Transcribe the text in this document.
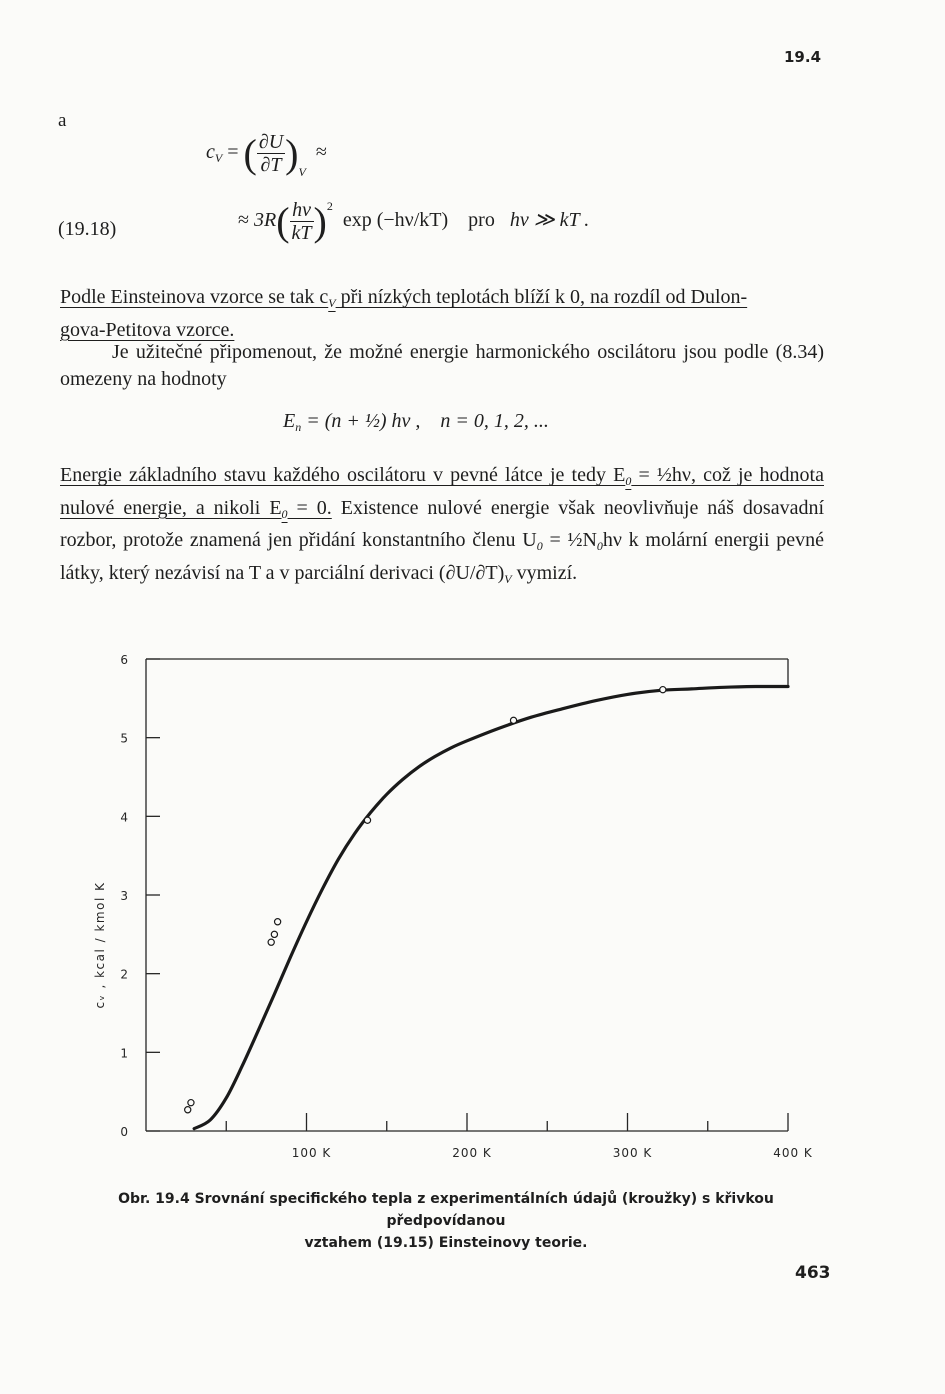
19.4
a
$c_V$ = ( $\frac{\partial U}{\partial T} )_V$  ≈
(19.18)	≈ $3R( \frac{h\nu}{kT} )^2$  exp (−hν/kT) pro hν ≫ kT .
Podle Einsteinova vzorce se tak $c_V$ při nízkých teplotách blíží k 0, na rozdíl od Dulon-
gova-Petitova vzorce.
Je užitečné připomenout, že možné energie harmonického oscilátoru jsou podle (8.34) omezeny na hodnoty
$E_n = (n$ + ½) hν , n = 0, 1, 2, ...
Energie základního stavu každého oscilátoru v pevné látce je tedy $E_0$ = ½hν, což je hodnota nulové energie, a nikoli $E_0 = 0$. Existence nulové energie však neovlivňuje náš dosavadní rozbor, protože znamená jen přidání konstantního členu $U_0$ = $\frac{1}{2}N_0h\nu$ k molární energii pevné látky, který nezávisí na T a v parciální derivaci $(\partial U/\partial T)_V$ vymizí.
0
1
2
3
4
5
6
100 K	200 K	300 K	400 K
cᵥ , kcal / kmol K
Obr. 19.4 Srovnání specifického tepla z experimentálních údajů (kroužky) s křivkou předpovídanou
vztahem (19.15) Einsteinovy teorie.
463
